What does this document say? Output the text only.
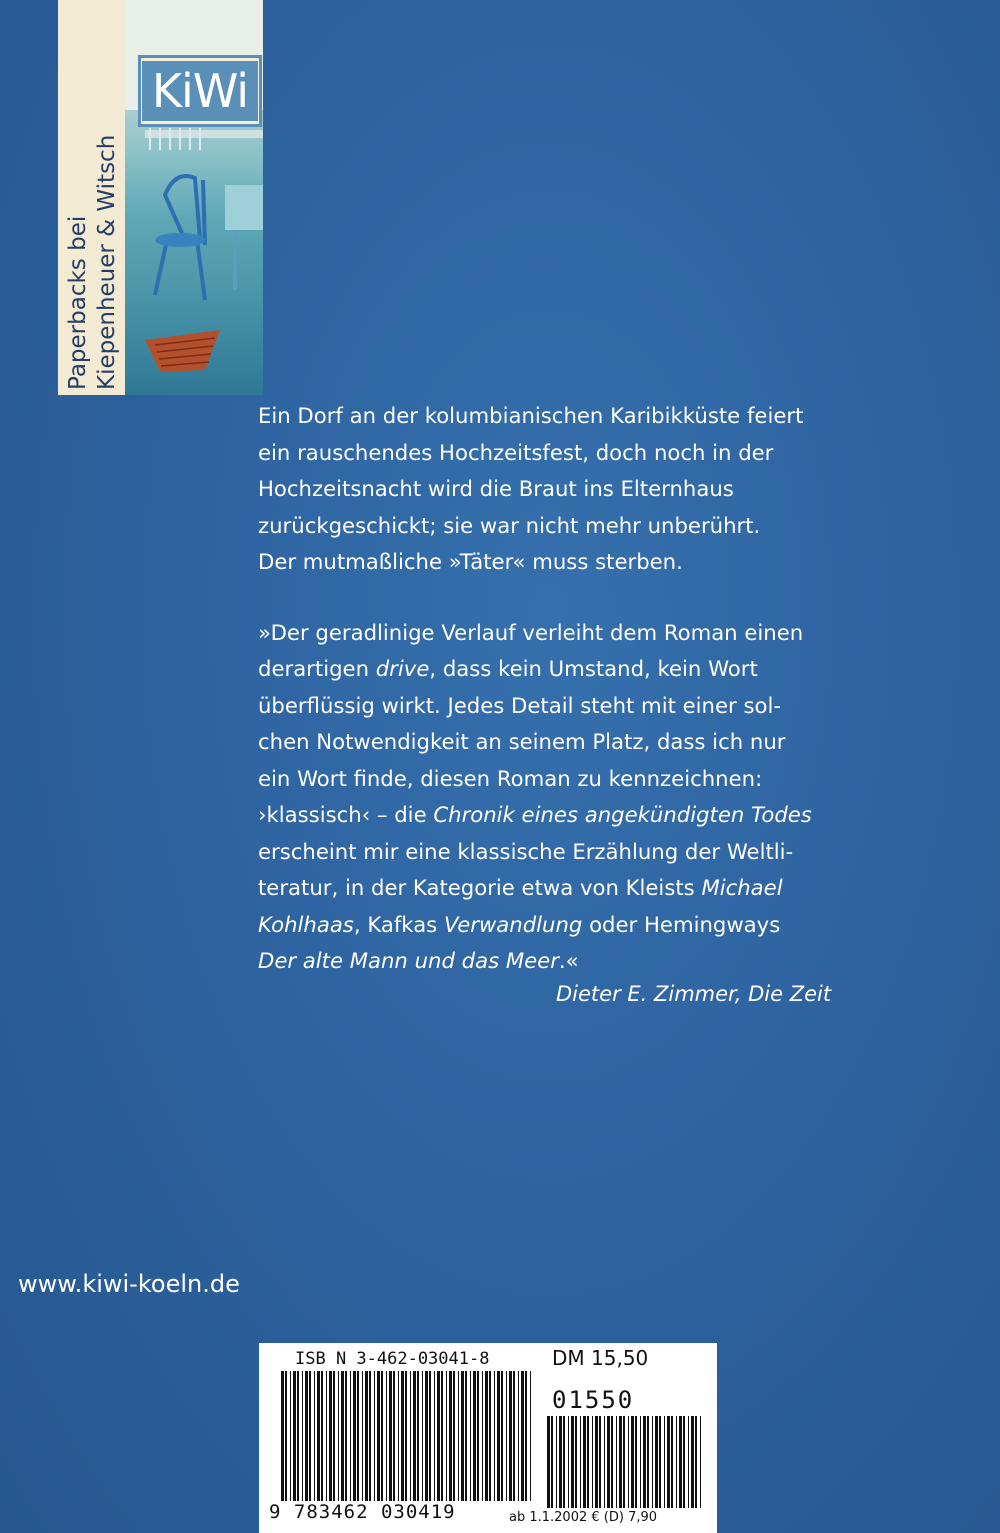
KiWi
Paperbacks bei Kiepenheuer & Witsch

Ein Dorf an der kolumbianischen Karibikküste feiert
ein rauschendes Hochzeitsfest, doch noch in der
Hochzeitsnacht wird die Braut ins Elternhaus
zurückgeschickt; sie war nicht mehr unberührt.
Der mutmaßliche »Täter« muss sterben.

»Der geradlinige Verlauf verleiht dem Roman einen
derartigen drive, dass kein Umstand, kein Wort
überflüssig wirkt. Jedes Detail steht mit einer sol-
chen Notwendigkeit an seinem Platz, dass ich nur
ein Wort finde, diesen Roman zu kennzeichnen:
›klassisch‹ – die Chronik eines angekündigten Todes
erscheint mir eine klassische Erzählung der Weltli-
teratur, in der Kategorie etwa von Kleists Michael
Kohlhaas, Kafkas Verwandlung oder Hemingways
Der alte Mann und das Meer.«

Dieter E. Zimmer, Die Zeit
www.kiwi-koeln.de
ISB N 3-462-03041-8	DM 15,50
01550
9 783462 030419	ab 1.1.2002 € (D) 7,90
